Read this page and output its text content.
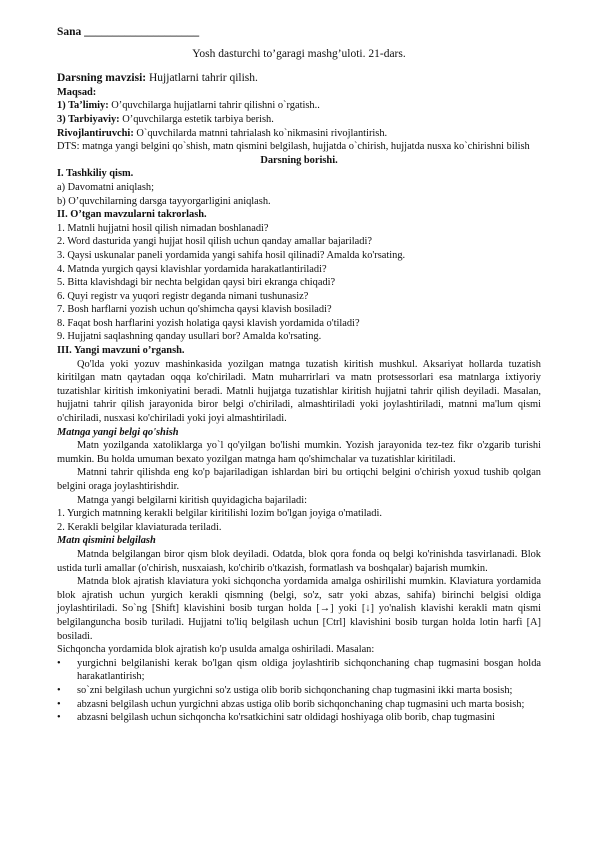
Sana ____________________
Yosh dasturchi to’garagi mashg’uloti. 21-dars.
Darsning mavzisi: Hujjatlarni tahrir qilish.
Maqsad:
1) Ta’limiy: O’quvchilarga hujjatlarni tahrir qilishni o`rgatish..
3) Tarbiyaviy: O’quvchilarga estetik tarbiya berish.
Rivojlantiruvchi: O`quvchilarda matnni tahrialash ko`nikmasini rivojlantirish.

DTS: matnga yangi belgini qo`shish, matn qismini belgilash, hujjatda o`chirish, hujjatda nusxa ko`chirishni bilish

Darsning borishi.
I. Tashkiliy qism.
a) Davomatni aniqlash;
b) O’quvchilarning darsga tayyorgarligini aniqlash.
II. O’tgan mavzularni takrorlash.
1. Matnli hujjatni hosil qilish nimadan boshlanadi?
2. Word dasturida yangi hujjat hosil qilish uchun qanday amallar bajariladi?
3. Qaysi uskunalar paneli yordamida yangi sahifa hosil qilinadi? Amalda ko'rsating.
4. Matnda yurgich qaysi klavishlar yordamida harakatlantiriladi?
5. Bitta klavishdagi bir nechta belgidan qaysi biri ekranga chiqadi?
6. Quyi registr va yuqori registr deganda nimani tushunasiz?
7. Bosh harflarni yozish uchun qo'shimcha qaysi klavish bosiladi?
8. Faqat bosh harflarini yozish holatiga qaysi klavish yordamida o'tiladi?
9. Hujjatni saqlashning qanday usullari bor? Amalda ko'rsating.
III. Yangi mavzuni o’rgansh.

Qo'lda yoki yozuv mashinkasida yozilgan matnga tuzatish kiritish mushkul. Aksariyat hollarda tuzatish kiritilgan matn qaytadan oqqa ko'chiriladi. Matn muharrirlari va matn protsessorlari esa matnlarga ixtiyoriy tuzatishlar kiritish imkoniyatini beradi. Matnli hujjatga tuzatishlar kiritish hujjatni tahrir qilish deyiladi. Masalan, hujjatni tahrir qilish jarayonida biror belgi o'chiriladi, almashtiriladi yoki joylashtiriladi, matnni ma'lum qismi o'chiriladi, nusxasi ko'chiriladi yoki joyi almashtiriladi.

Matnga yangi belgi qo'shish

Matn yozilganda xatoliklarga yo`l qo'yilgan bo'lishi mumkin. Yozish jarayonida tez-tez fikr o'zgarib turishi mumkin. Bu holda umuman bexato yozilgan matnga ham qo'shimchalar va tuzatishlar kiritiladi.

Matnni tahrir qilishda eng ko'p bajariladigan ishlardan biri bu ortiqchi belgini o'chirish yoxud tushib qolgan belgini oraga joylashtirishdir.

Matnga yangi belgilarni kiritish quyidagicha bajariladi:

1. Yurgich matnning kerakli belgilar kiritilishi lozim bo'lgan joyiga o'matiladi.
2. Kerakli belgilar klaviaturada teriladi.
Matn qismini belgilash

Matnda belgilangan biror qism blok deyiladi. Odatda, blok qora fonda oq belgi ko'rinishda tasvirlanadi. Blok ustida turli amallar (o'chirish, nusxaiash, ko'chirib o'tkazish, formatlash va boshqalar) bajarish mumkin.

Matnda blok ajratish klaviatura yoki sichqoncha yordamida amalga oshirilishi mumkin. Klaviatura yordamida blok ajratish uchun yurgich kerakli qismning (belgi, so'z, satr yoki abzas, sahifa) birinchi belgisi oldiga joylashtiriladi. So`ng [Shift] klavishini bosib turgan holda [→] yoki [↓] yo'nalish klavishi kerakli matn qismi belgilanguncha bosib turiladi. Hujjatni to'liq belgilash uchun [Ctrl] klavishini bosib turgan holda lotin harfi [A] bosiladi.

Sichqoncha yordamida blok ajratish ko'p usulda amalga oshiriladi. Masalan:

• yurgichni belgilanishi kerak bo'lgan qism oldiga joylashtirib sichqonchaning chap tugmasini bosgan holda harakatlantirish;
• so`zni belgilash uchun yurgichni so'z ustiga olib borib sichqonchaning chap tugmasini ikki marta bosish;
• abzasni belgilash uchun yurgichni abzas ustiga olib borib sichqonchaning chap tugmasini uch marta bosish;
• abzasni belgilash uchun sichqoncha ko'rsatkichini satr oldidagi hoshiyaga olib borib, chap tugmasini
